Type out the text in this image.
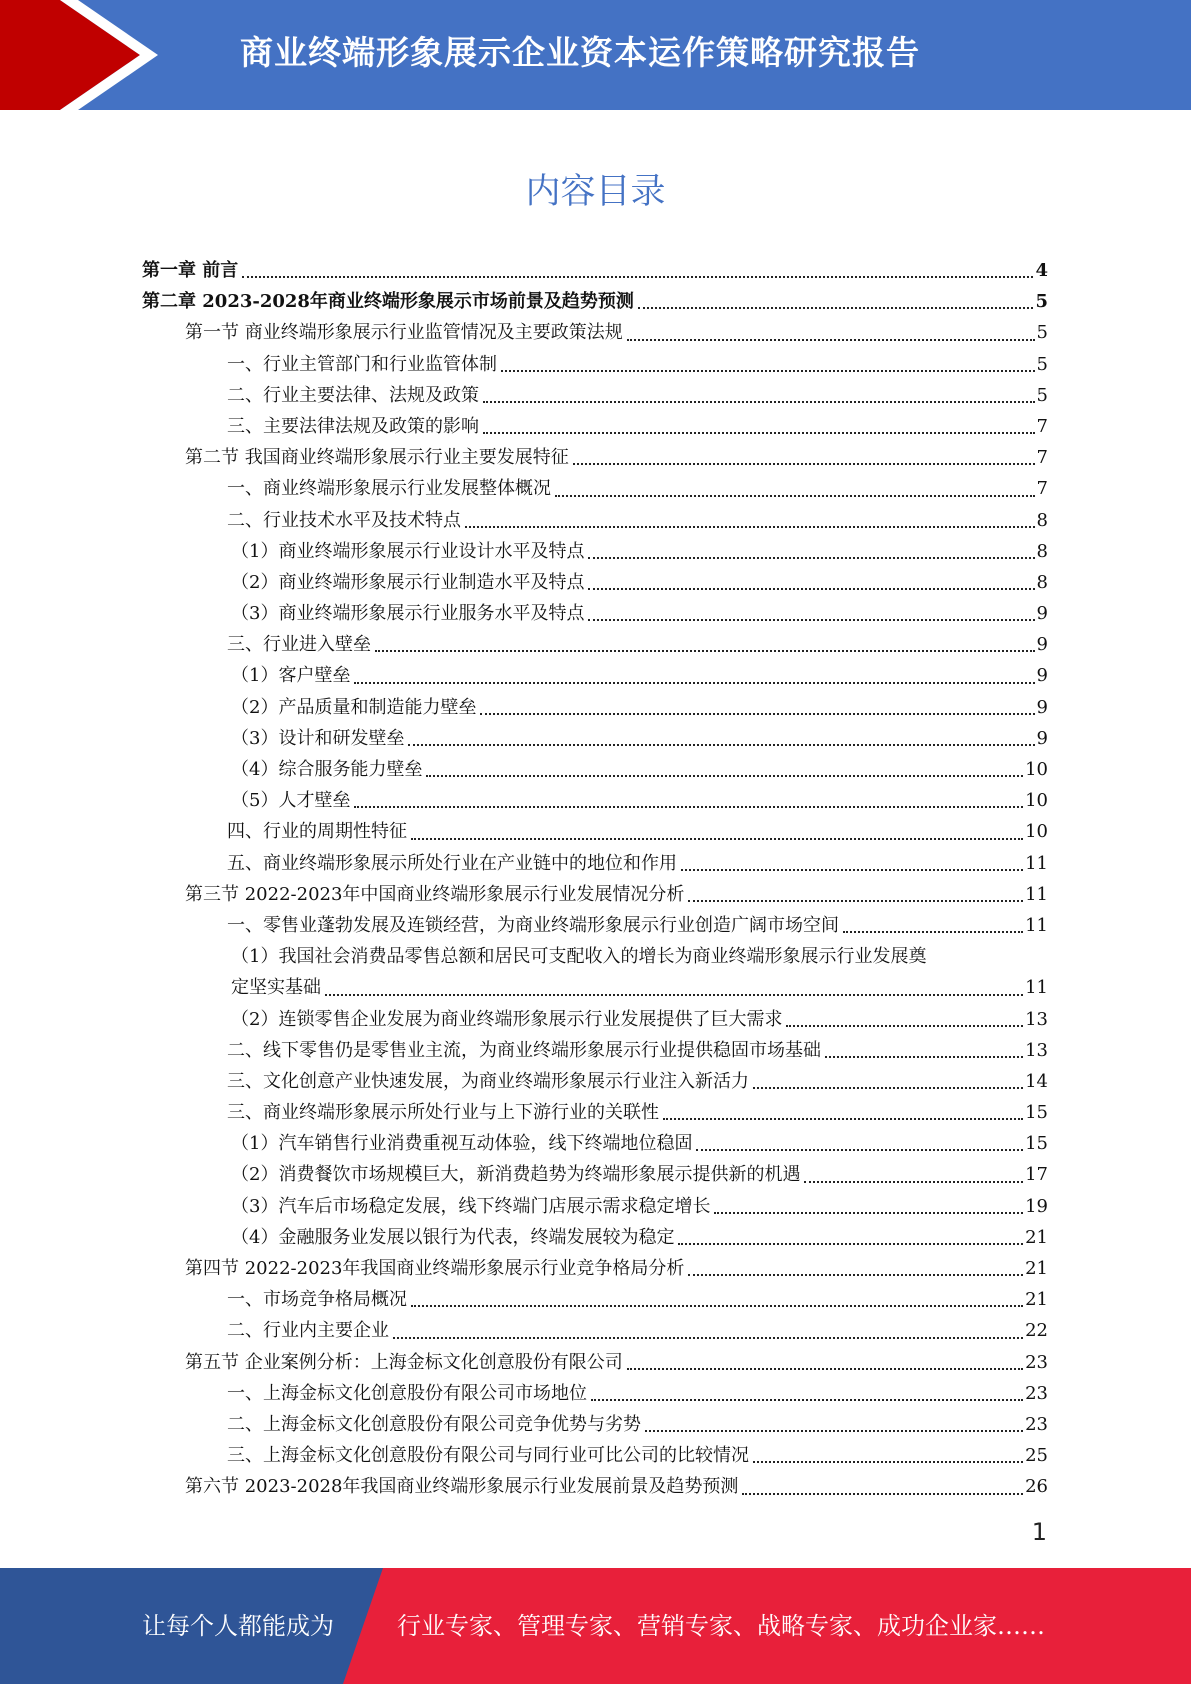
商业终端形象展示企业资本运作策略研究报告
内容目录
第一章 前言	4
第二章 2023-2028年商业终端形象展示市场前景及趋势预测	5
第一节 商业终端形象展示行业监管情况及主要政策法规	5
一、行业主管部门和行业监管体制	5
二、行业主要法律、法规及政策	5
三、主要法律法规及政策的影响	7
第二节 我国商业终端形象展示行业主要发展特征	7
一、商业终端形象展示行业发展整体概况	7
二、行业技术水平及技术特点	8
（1）商业终端形象展示行业设计水平及特点	8
（2）商业终端形象展示行业制造水平及特点	8
（3）商业终端形象展示行业服务水平及特点	9
三、行业进入壁垒	9
（1）客户壁垒	9
（2）产品质量和制造能力壁垒	9
（3）设计和研发壁垒	9
（4）综合服务能力壁垒	10
（5）人才壁垒	10
四、行业的周期性特征	10
五、商业终端形象展示所处行业在产业链中的地位和作用	11
第三节 2022-2023年中国商业终端形象展示行业发展情况分析	11
一、零售业蓬勃发展及连锁经营，为商业终端形象展示行业创造广阔市场空间	11
（1）我国社会消费品零售总额和居民可支配收入的增长为商业终端形象展示行业发展奠
定坚实基础	11
（2）连锁零售企业发展为商业终端形象展示行业发展提供了巨大需求	13
二、线下零售仍是零售业主流，为商业终端形象展示行业提供稳固市场基础	13
三、文化创意产业快速发展，为商业终端形象展示行业注入新活力	14
三、商业终端形象展示所处行业与上下游行业的关联性	15
（1）汽车销售行业消费重视互动体验，线下终端地位稳固	15
（2）消费餐饮市场规模巨大，新消费趋势为终端形象展示提供新的机遇	17
（3）汽车后市场稳定发展，线下终端门店展示需求稳定增长	19
（4）金融服务业发展以银行为代表，终端发展较为稳定	21
第四节 2022-2023年我国商业终端形象展示行业竞争格局分析	21
一、市场竞争格局概况	21
二、行业内主要企业	22
第五节 企业案例分析：上海金标文化创意股份有限公司	23
一、上海金标文化创意股份有限公司市场地位	23
二、上海金标文化创意股份有限公司竞争优势与劣势	23
三、上海金标文化创意股份有限公司与同行业可比公司的比较情况	25
第六节 2023-2028年我国商业终端形象展示行业发展前景及趋势预测	26
1
让每个人都能成为	行业专家、管理专家、营销专家、战略专家、成功企业家……
